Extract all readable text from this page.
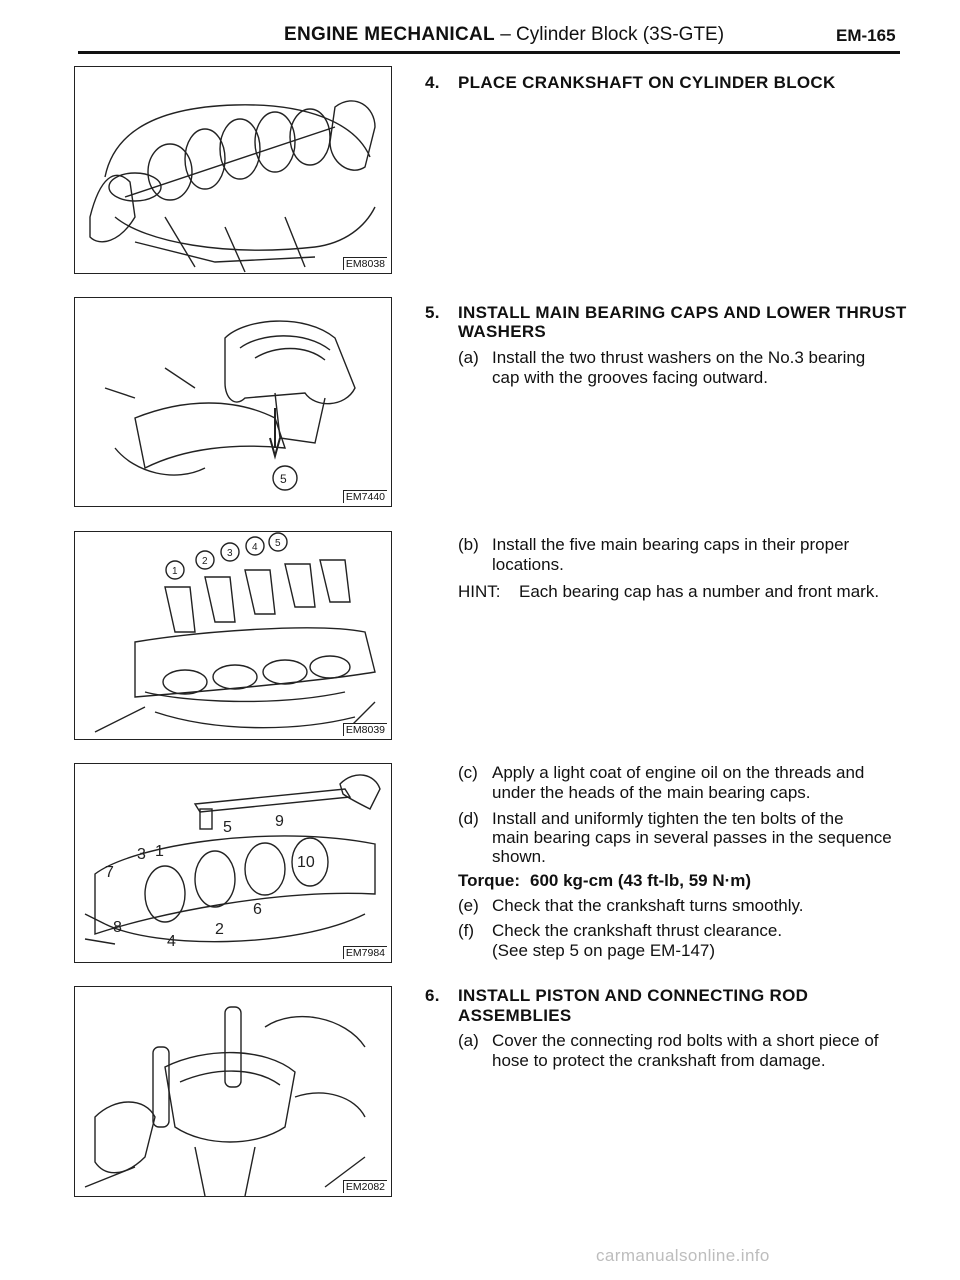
ENGINE MECHANICAL – Cylinder Block (3S-GTE)	EM-165
EM8038
5
EM7440
1
2
3
4 5
EM8039
1
2
3
4
5
6
7
8
9
10
EM7984
EM2082
4. PLACE CRANKSHAFT ON CYLINDER BLOCK
5. INSTALL MAIN BEARING CAPS AND LOWER THRUST
WASHERS
(a) Install the two thrust washers on the No.3 bearing
cap with the grooves facing outward.
(b) Install the five main bearing caps in their proper
locations.
HINT: Each bearing cap has a number and front mark.
(c) Apply a light coat of engine oil on the threads and
under the heads of the main bearing caps.
(d) Install and uniformly tighten the ten bolts of the
main bearing caps in several passes in the sequence
shown.
Torque: 600 kg-cm (43 ft-lb, 59 N·m)
(e) Check that the crankshaft turns smoothly.
(f) Check the crankshaft thrust clearance.
(See step 5 on page EM-147)
6. INSTALL PISTON AND CONNECTING ROD
ASSEMBLIES
(a) Cover the connecting rod bolts with a short piece of
hose to protect the crankshaft from damage.
carmanualsonline.info
